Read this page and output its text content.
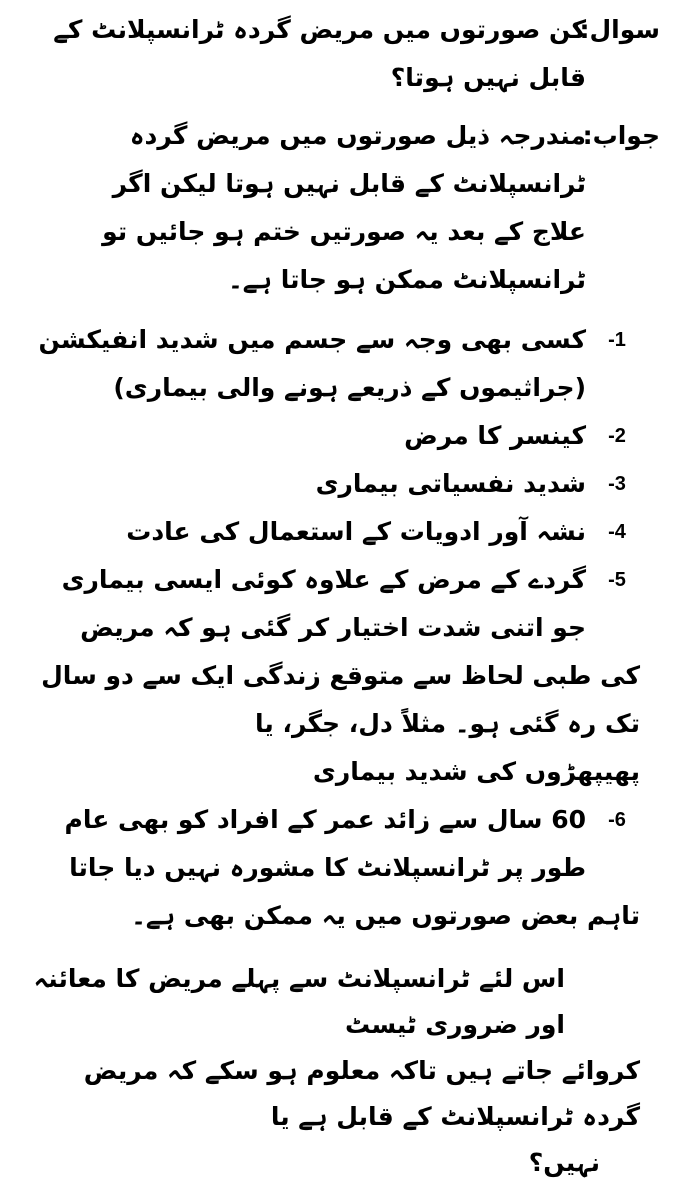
سوال:
کن صورتوں میں مریض گردہ ٹرانسپلانٹ کے قابل نہیں ہوتا؟
جواب:
مندرجہ ذیل صورتوں میں مریض گردہ ٹرانسپلانٹ کے قابل نہیں ہوتا لیکن اگر
علاج کے بعد یہ صورتیں ختم ہو جائیں تو ٹرانسپلانٹ ممکن ہو جاتا ہے۔
-1
کسی بھی وجہ سے جسم میں شدید انفیکشن (جراثیموں کے ذریعے ہونے والی بیماری)
-2
کینسر کا مرض
-3
شدید نفسیاتی بیماری
-4
نشہ آور ادویات کے استعمال کی عادت
-5
گردے کے مرض کے علاوہ کوئی ایسی بیماری جو اتنی شدت اختیار کر گئی ہو کہ مریض
کی طبی لحاظ سے متوقع زندگی ایک سے دو سال تک رہ گئی ہو۔ مثلاً دل، جگر، یا
پھیپھڑوں کی شدید بیماری
-6
60 سال سے زائد عمر کے افراد کو بھی عام طور پر ٹرانسپلانٹ کا مشورہ نہیں دیا جاتا
تاہم بعض صورتوں میں یہ ممکن بھی ہے۔
اس لئے ٹرانسپلانٹ سے پہلے مریض کا معائنہ اور ضروری ٹیسٹ
کروائے جاتے ہیں تاکہ معلوم ہو سکے کہ مریض گردہ ٹرانسپلانٹ کے قابل ہے یا
نہیں؟
